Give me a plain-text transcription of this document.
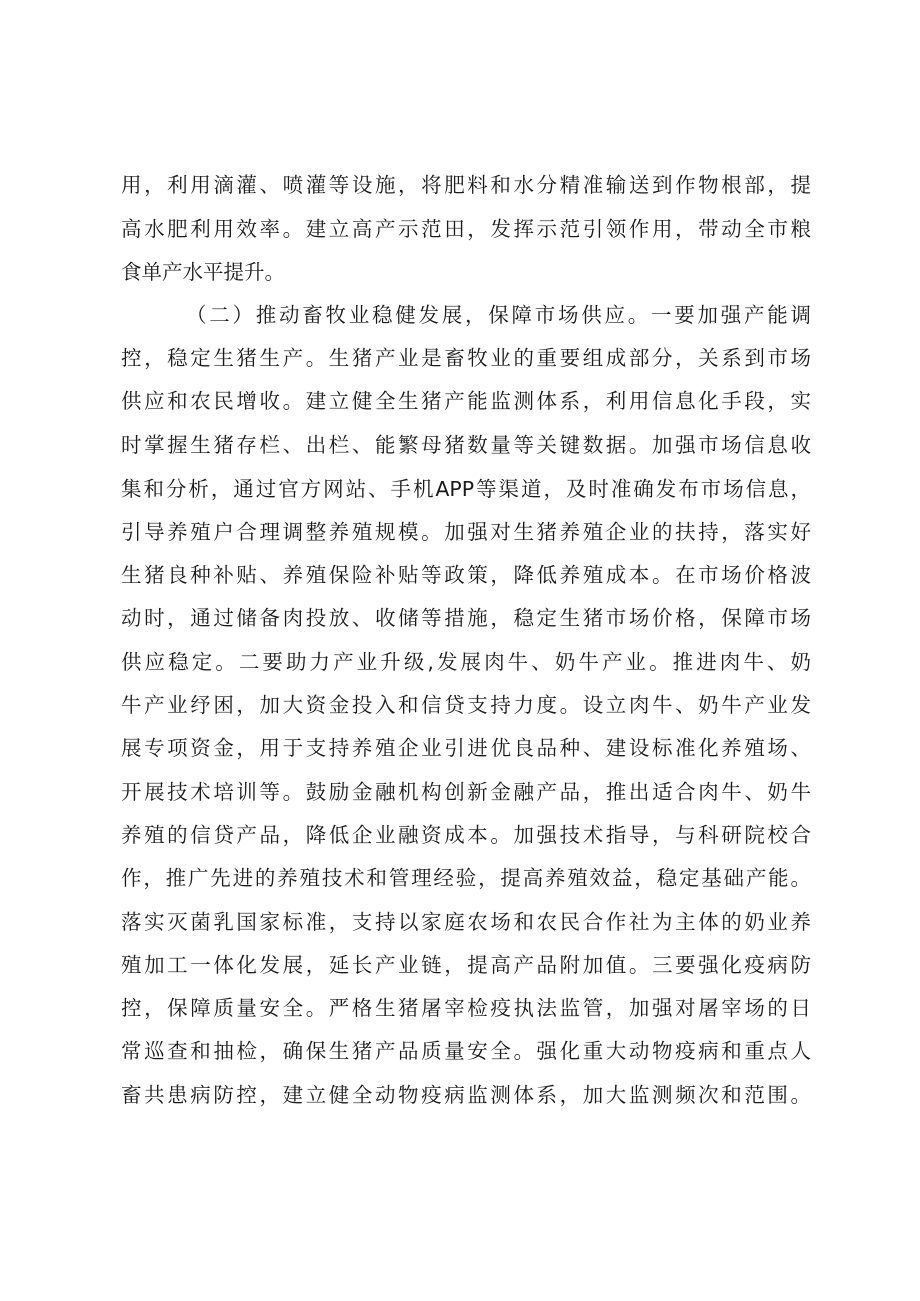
用，利用滴灌、喷灌等设施，将肥料和水分精准输送到作物根部，提
高水肥利用效率。建立高产示范田，发挥示范引领作用，带动全市粮
食单产水平提升。
（二）推动畜牧业稳健发展，保障市场供应。一要加强产能调
控，稳定生猪生产。生猪产业是畜牧业的重要组成部分，关系到市场
供应和农民增收。建立健全生猪产能监测体系，利用信息化手段，实
时掌握生猪存栏、出栏、能繁母猪数量等关键数据。加强市场信息收
集和分析，通过官方网站、手机APP等渠道，及时准确发布市场信息，
引导养殖户合理调整养殖规模。加强对生猪养殖企业的扶持，落实好
生猪良种补贴、养殖保险补贴等政策，降低养殖成本。在市场价格波
动时，通过储备肉投放、收储等措施，稳定生猪市场价格，保障市场
供应稳定。二要助力产业升级,发展肉牛、奶牛产业。推进肉牛、奶
牛产业纾困，加大资金投入和信贷支持力度。设立肉牛、奶牛产业发
展专项资金，用于支持养殖企业引进优良品种、建设标准化养殖场、
开展技术培训等。鼓励金融机构创新金融产品，推出适合肉牛、奶牛
养殖的信贷产品，降低企业融资成本。加强技术指导，与科研院校合
作，推广先进的养殖技术和管理经验，提高养殖效益，稳定基础产能。
落实灭菌乳国家标准，支持以家庭农场和农民合作社为主体的奶业养
殖加工一体化发展，延长产业链，提高产品附加值。三要强化疫病防
控，保障质量安全。严格生猪屠宰检疫执法监管，加强对屠宰场的日
常巡查和抽检，确保生猪产品质量安全。强化重大动物疫病和重点人
畜共患病防控，建立健全动物疫病监测体系，加大监测频次和范围。
